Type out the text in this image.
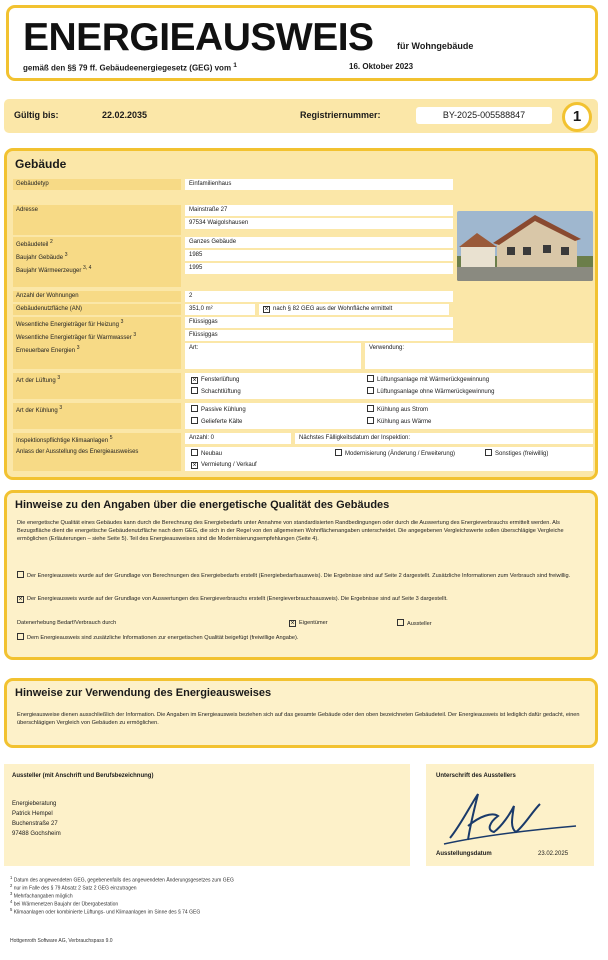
ENERGIEAUSWEIS	für Wohngebäude
gemäß den §§ 79 ff. Gebäudeenergiegesetz (GEG) vom $^1$	16. Oktober 2023
Gültig bis:	22.02.2035	Registriernummer:	BY-2025-005588847	1
Gebäude
Gebäudetyp	Einfamilienhaus
Adresse	Mainstraße 27
97534 Waigolshausen
Gebäudeteil $^2$	Ganzes Gebäude
Baujahr Gebäude $^3$	1985
Baujahr Wärmeerzeuger $^{3, 4}$	1995
Anzahl der Wohnungen	2
Gebäudenutzfläche (AN)	351,0 m²	× nach § 82 GEG aus der Wohnfläche ermittelt
Wesentliche Energieträger für Heizung $^3$	Flüssiggas
Wesentliche Energieträger für Warmwasser $^3$	Flüssiggas
Erneuerbare Energien $^3$	Art:	Verwendung:
Art der Lüftung $^3$	× Fensterlüftung
Schachtlüftung
Lüftungsanlage mit Wärmerückgewinnung
Lüftungsanlage ohne Wärmerückgewinnung
Art der Kühlung $^3$	Passive Kühlung
Gelieferte Kälte
Kühlung aus Strom
Kühlung aus Wärme
Inspektionspflichtige Klimaanlagen $^5$	Anzahl: 0	Nächstes Fälligkeitsdatum der Inspektion:
Anlass der Ausstellung des Energieausweises	Neubau
× Vermietung / Verkauf
Modernisierung (Änderung / Erweiterung)	Sonstiges (freiwillig)
Hinweise zu den Angaben über die energetische Qualität des Gebäudes
Die energetische Qualität eines Gebäudes kann durch die Berechnung des Energiebedarfs unter Annahme von standardisierten Randbedingungen oder durch die Auswertung des Energieverbrauchs ermittelt werden. Als Bezugsfläche dient die energetische Gebäudenutzfläche nach dem GEG, die sich in der Regel von den allgemeinen Wohnflächenangaben unterscheidet. Die angegebenen Vergleichswerte sollen überschlägige Vergleiche ermöglichen (Erläuterungen – siehe Seite 5). Teil des Energieausweises sind die Modernisierungsempfehlungen (Seite 4).
Der Energieausweis wurde auf der Grundlage von Berechnungen des Energiebedarfs erstellt (Energiebedarfsausweis). Die Ergebnisse sind auf Seite 2 dargestellt. Zusätzliche Informationen zum Verbrauch sind freiwillig.
× Der Energieausweis wurde auf der Grundlage von Auswertungen des Energieverbrauchs erstellt (Energieverbrauchsausweis). Die Ergebnisse sind auf Seite 3 dargestellt.
Datenerhebung Bedarf/Verbrauch durch	× Eigentümer	Aussteller
Dem Energieausweis sind zusätzliche Informationen zur energetischen Qualität beigefügt (freiwillige Angabe).
Hinweise zur Verwendung des Energieausweises
Energieausweise dienen ausschließlich der Information. Die Angaben im Energieausweis beziehen sich auf das gesamte Gebäude oder den oben bezeichneten Gebäudeteil. Der Energieausweis ist lediglich dafür gedacht, einen überschlägigen Vergleich von Gebäuden zu ermöglichen.
Aussteller (mit Anschrift und Berufsbezeichnung)
Energieberatung
Patrick Hempel
Buchenstraße 27
97488 Gochsheim
Unterschrift des Ausstellers
Ausstellungsdatum	23.02.2025
$^1$ Datum des angewendeten GEG, gegebenenfalls des angewendeten Änderungsgesetzes zum GEG
$^2$ nur im Falle des § 79 Absatz 2 Satz 2 GEG einzutragen
$^3$ Mehrfachangaben möglich
$^4$ bei Wärmenetzen Baujahr der Übergabestation
$^5$ Klimaanlagen oder kombinierte Lüftungs- und Klimaanlagen im Sinne des § 74 GEG
Hottgenroth Software AG, Verbrauchspass 9.0
